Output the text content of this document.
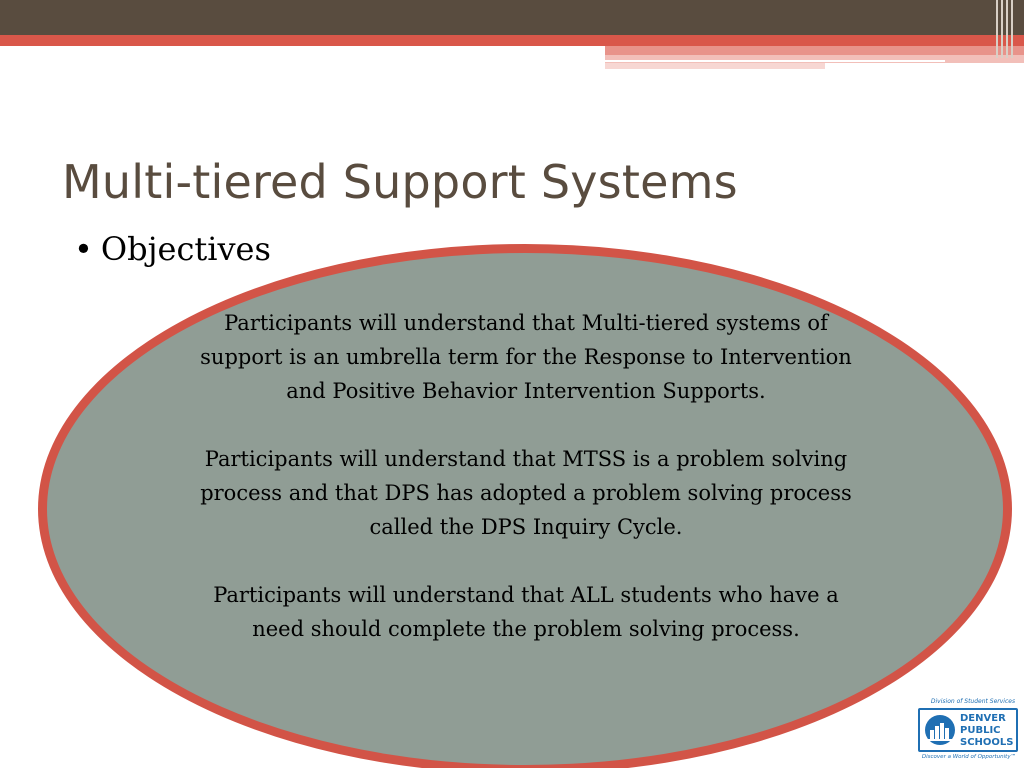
Multi-tiered Support Systems
• Objectives

Participants will understand that Multi-tiered systems of support is an umbrella term for the Response to Intervention and Positive Behavior Intervention Supports.

Participants will understand that MTSS is a problem solving process and that DPS has adopted a problem solving process called the DPS Inquiry Cycle.

Participants will understand that ALL students who have a need should complete the problem solving process.

Division of Student Services
DENVER
PUBLIC
SCHOOLS
Discover a World of Opportunity™
